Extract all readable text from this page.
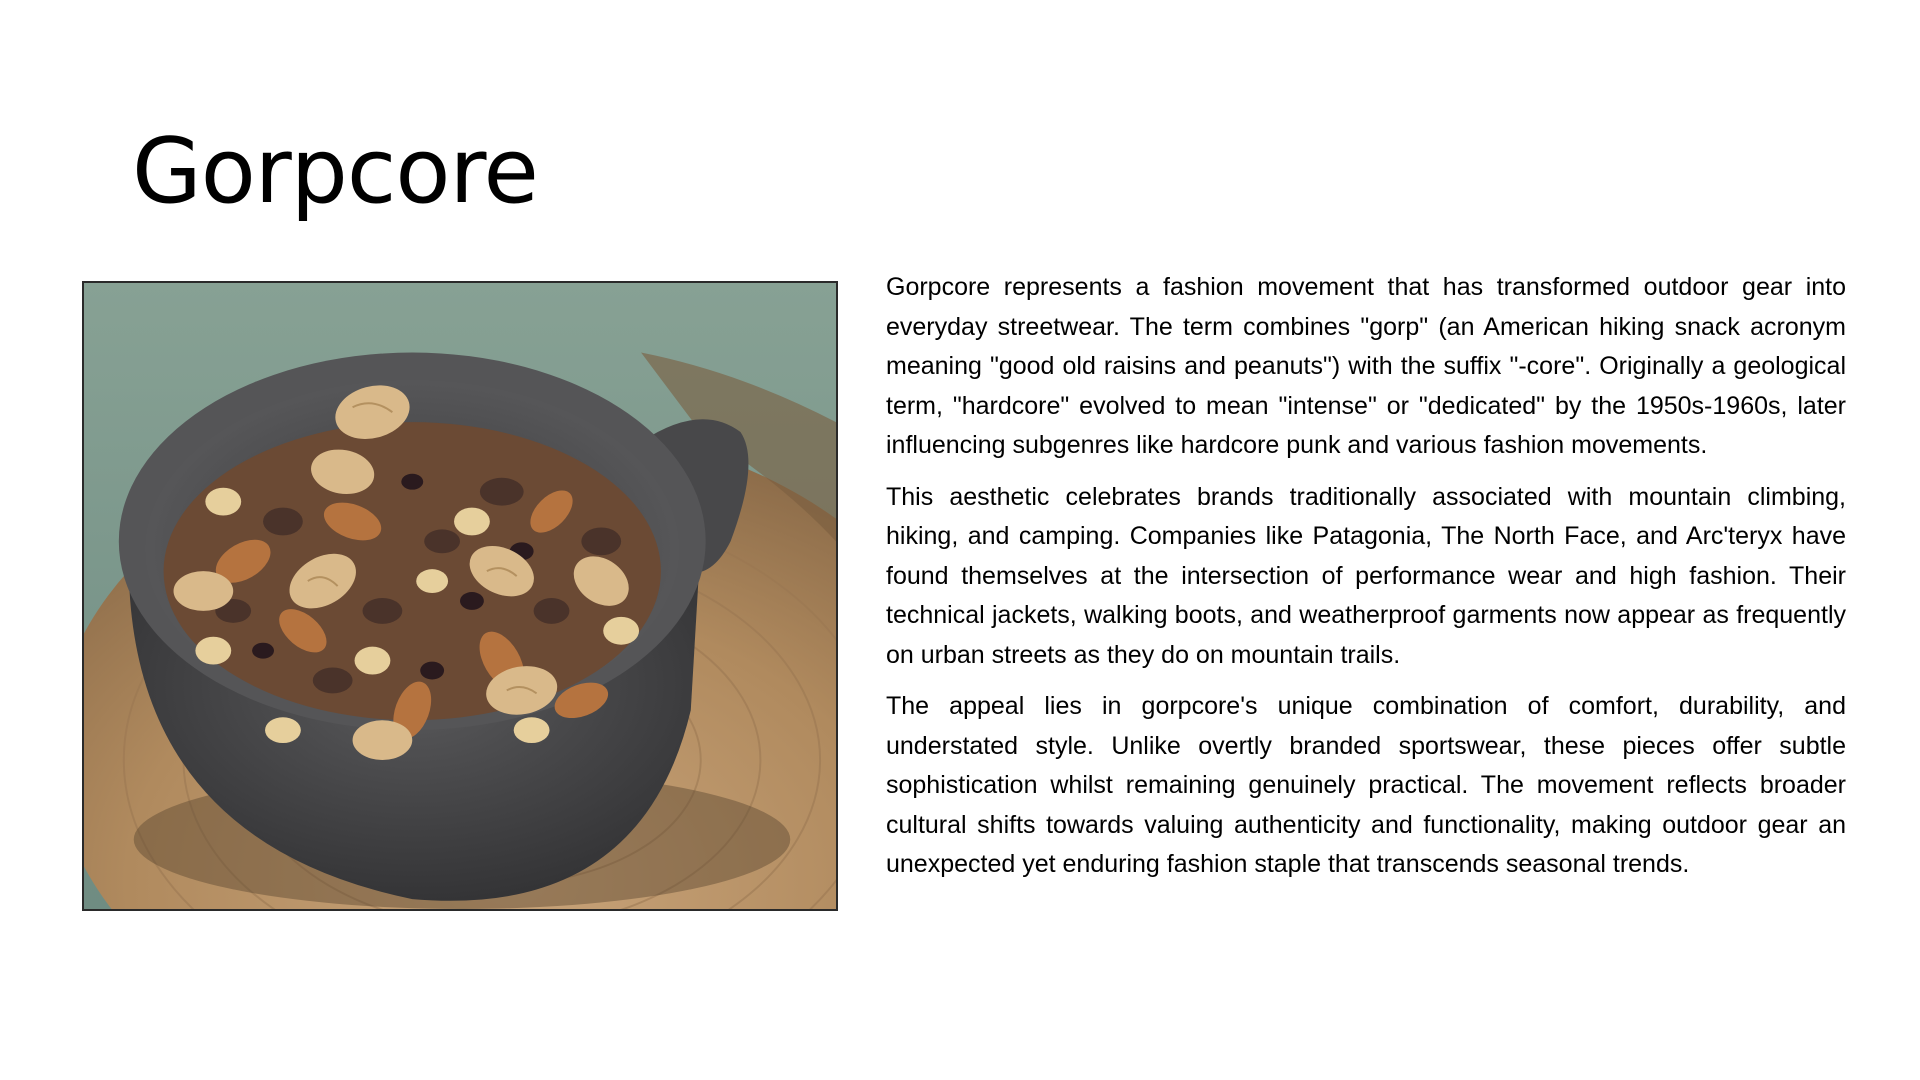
Gorpcore

Gorpcore represents a fashion movement that has transformed outdoor gear into everyday streetwear. The term combines "gorp" (an American hiking snack acronym meaning "good old raisins and peanuts") with the suffix "-core". Originally a geological term, "hardcore" evolved to mean "intense" or "dedicated" by the 1950s-1960s, later influencing subgenres like hardcore punk and various fashion movements.

This aesthetic celebrates brands traditionally associated with mountain climbing, hiking, and camping. Companies like Patagonia, The North Face, and Arc'teryx have found themselves at the intersection of performance wear and high fashion. Their technical jackets, walking boots, and weatherproof garments now appear as frequently on urban streets as they do on mountain trails.

The appeal lies in gorpcore's unique combination of comfort, durability, and understated style. Unlike overtly branded sportswear, these pieces offer subtle sophistication whilst remaining genuinely practical. The movement reflects broader cultural shifts towards valuing authenticity and functionality, making outdoor gear an unexpected yet enduring fashion staple that transcends seasonal trends.
